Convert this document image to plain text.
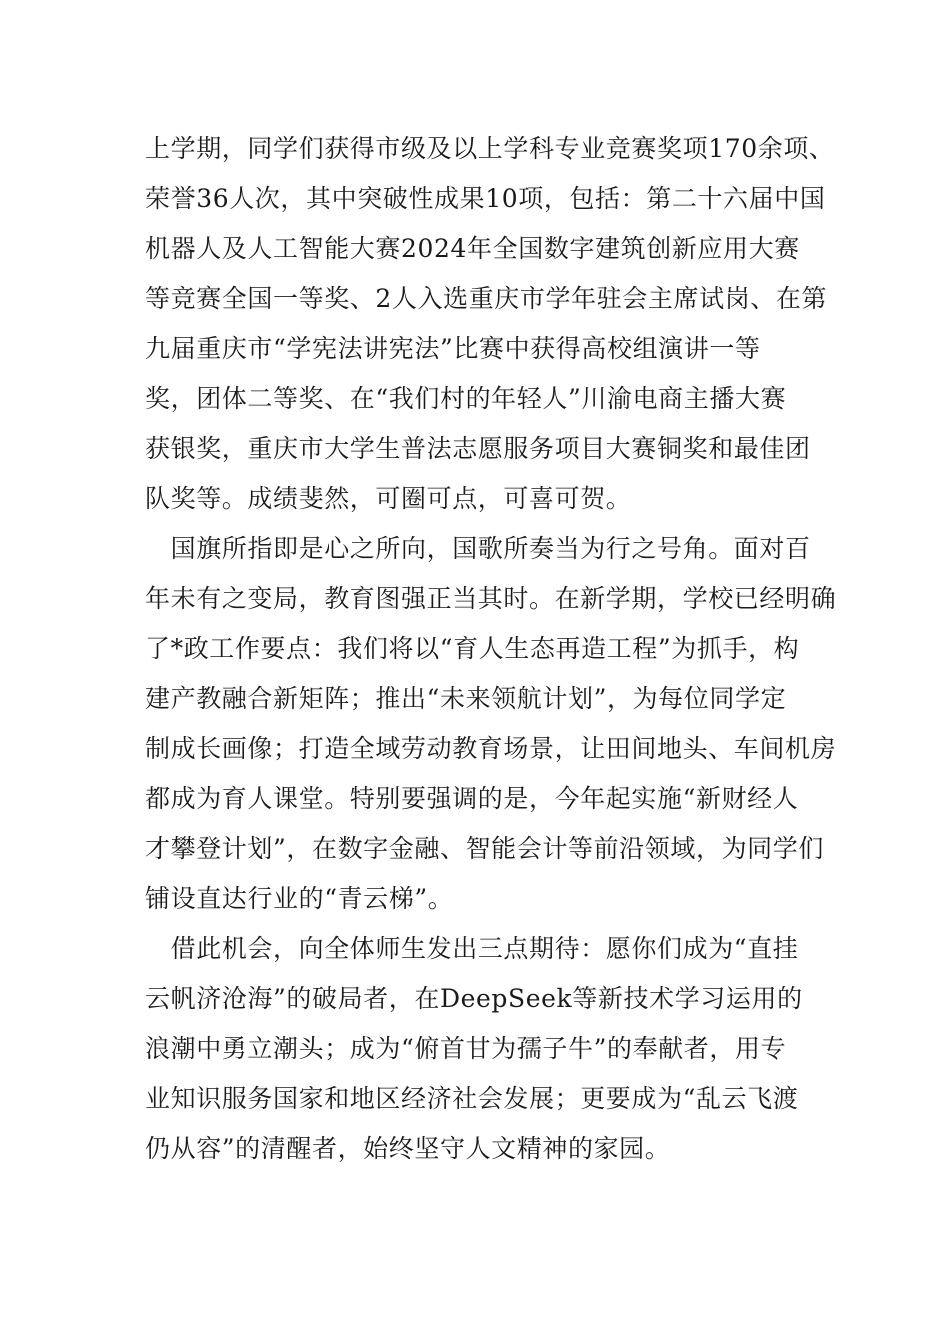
上学期，同学们获得市级及以上学科专业竞赛奖项170余项、
荣誉36人次，其中突破性成果10项，包括：第二十六届中国
机器人及人工智能大赛2024年全国数字建筑创新应用大赛
等竞赛全国一等奖、2人入选重庆市学年驻会主席试岗、在第
九届重庆市“学宪法讲宪法”比赛中获得高校组演讲一等
奖，团体二等奖、在“我们村的年轻人”川渝电商主播大赛
获银奖，重庆市大学生普法志愿服务项目大赛铜奖和最佳团
队奖等。成绩斐然，可圈可点，可喜可贺。
　国旗所指即是心之所向，国歌所奏当为行之号角。面对百
年未有之变局，教育图强正当其时。在新学期，学校已经明确
了*政工作要点：我们将以“育人生态再造工程”为抓手，构
建产教融合新矩阵；推出“未来领航计划”，为每位同学定
制成长画像；打造全域劳动教育场景，让田间地头、车间机房
都成为育人课堂。特别要强调的是，今年起实施“新财经人
才攀登计划”，在数字金融、智能会计等前沿领域，为同学们
铺设直达行业的“青云梯”。
　借此机会，向全体师生发出三点期待：愿你们成为“直挂
云帆济沧海”的破局者，在DeepSeek等新技术学习运用的
浪潮中勇立潮头；成为“俯首甘为孺子牛”的奉献者，用专
业知识服务国家和地区经济社会发展；更要成为“乱云飞渡
仍从容”的清醒者，始终坚守人文精神的家园。
